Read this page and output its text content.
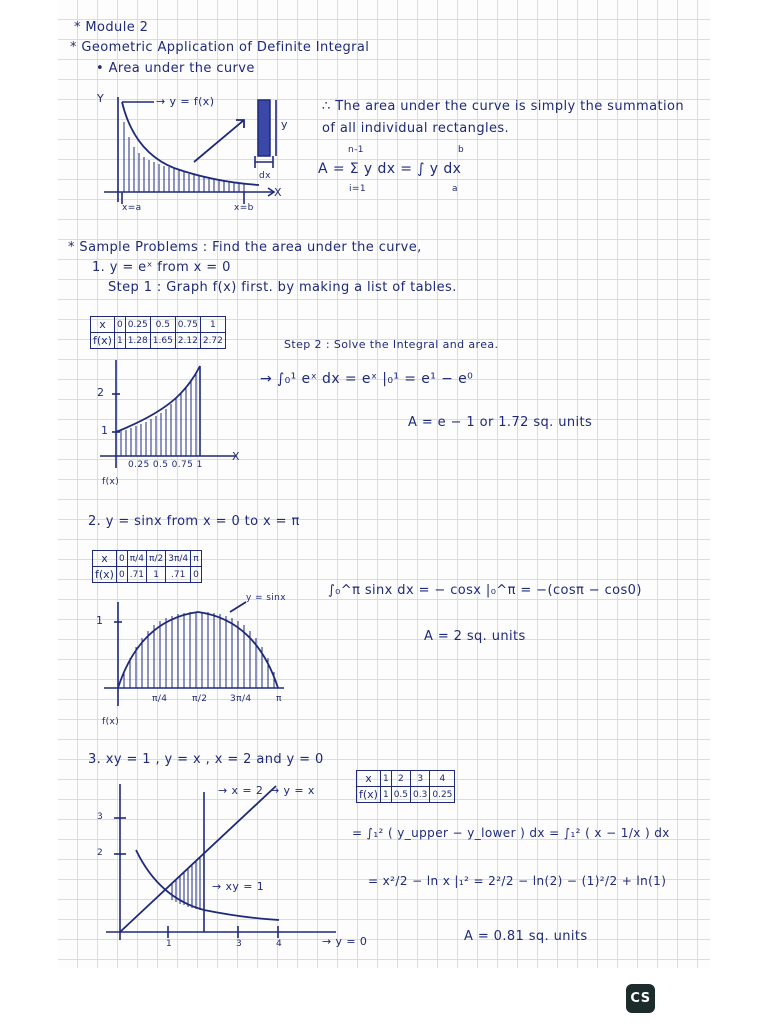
* Module 2
* Geometric Application of Definite Integral
• Area under the curve
Y	→ y = f(x)
X
x=a	x=b
y
dx
∴ The area under the curve is simply the summation
of all individual rectangles.
n-1
A = Σ y dx = ∫ y dx
i=1
b
a
* Sample Problems : Find the area under the curve,
1. y = eˣ from x = 0
Step 1 : Graph f(x) first. by making a list of tables.
x	0	0.25	0.5	0.75	1
f(x)	1	1.28	1.65	2.12	2.72
2
1
X
0.25 0.5 0.75 1
f(x)
Step 2 : Solve the Integral and area.
→ ∫₀¹ eˣ dx = eˣ |₀¹ = e¹ − e⁰
A = e − 1 or 1.72 sq. units
2. y = sinx from x = 0 to x = π
x	0	π/4	π/2	3π/4	π
f(x)	0	.71	1	.71	0
y = sinx
1
π/4	π/2	3π/4	π
f(x)
∫₀^π sinx dx = − cosx |₀^π = −(cosπ − cos0)
A = 2 sq. units
3. xy = 1 , y = x , x = 2 and y = 0
x	1	2	3	4
f(x)	1	0.5	0.3	0.25
→ x = 2 → y = x
→ xy = 1
→ y = 0
3
2
1	3	4
= ∫₁² ( y_upper − y_lower ) dx = ∫₁² ( x − 1/x ) dx
= x²/2 − ln x |₁² = 2²/2 − ln(2) − (1)²/2 + ln(1)
A = 0.81 sq. units
CS
